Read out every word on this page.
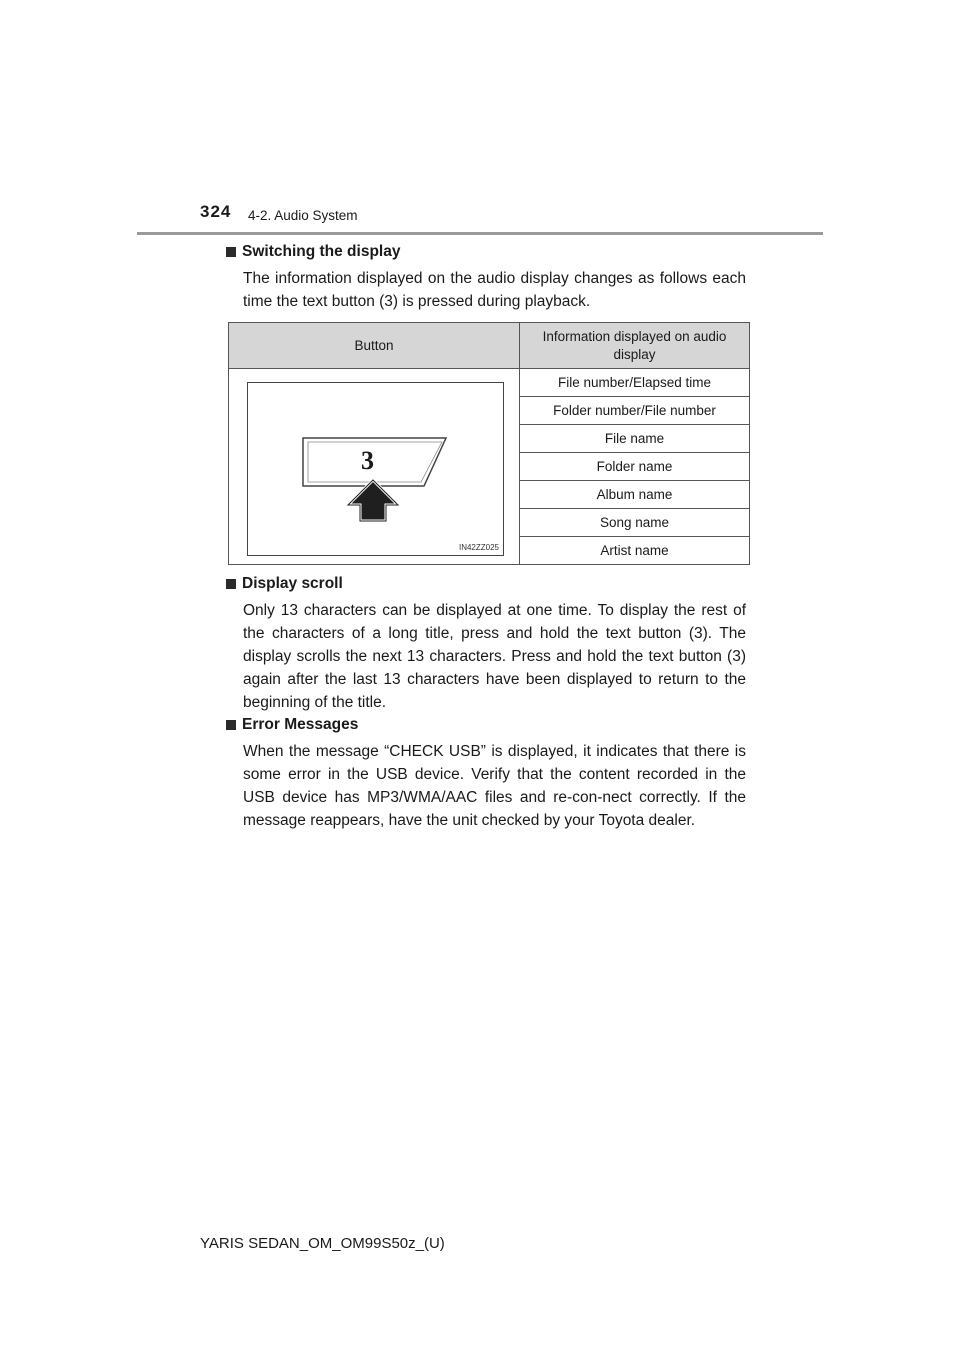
324 4-2. Audio System
Switching the display
The information displayed on the audio display changes as follows each time the text button (3) is pressed during playback.
Button	Information displayed on audio display

3
IN42ZZ025	File number/Elapsed time
	Folder number/File number
	File name
	Folder name
	Album name
	Song name
	Artist name
Display scroll
Only 13 characters can be displayed at one time. To display the rest of the characters of a long title, press and hold the text button (3). The display scrolls the next 13 characters. Press and hold the text button (3) again after the last 13 characters have been displayed to return to the beginning of the title.
Error Messages
When the message “CHECK USB” is displayed, it indicates that there is some error in the USB device. Verify that the content recorded in the USB device has MP3/WMA/AAC files and re-con-nect correctly. If the message reappears, have the unit checked by your Toyota dealer.
YARIS SEDAN_OM_OM99S50z_(U)
